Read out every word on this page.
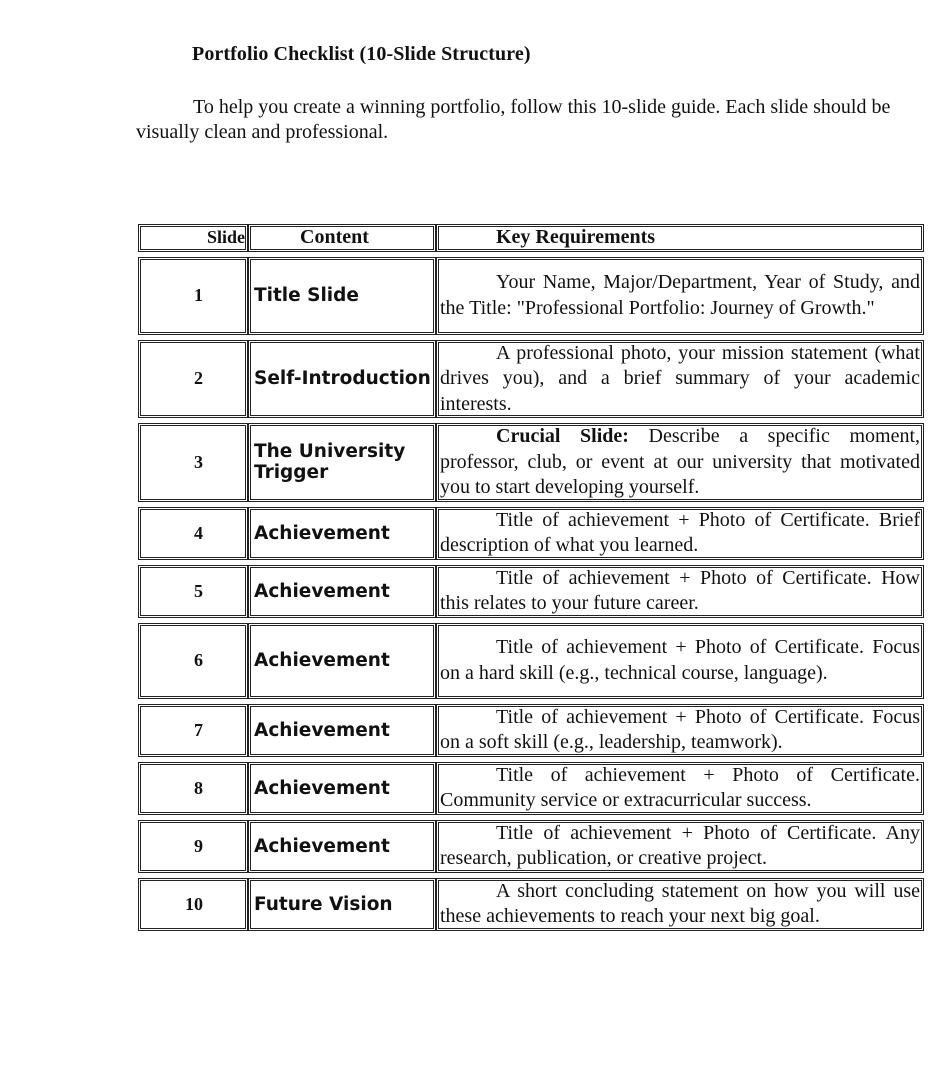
Portfolio Checklist (10-Slide Structure)
To help you create a winning portfolio, follow this 10-slide guide. Each slide should be visually clean and professional.
Slide	Content	Key Requirements

1	Title Slide	Your Name, Major/Department, Year of Study, and the Title: "Professional Portfolio: Journey of Growth."

2	Self-Introduction	A professional photo, your mission statement (what drives you), and a brief summary of your academic interests.

3	The University Trigger	Crucial Slide: Describe a specific moment, professor, club, or event at our university that motivated you to start developing yourself.

4	Achievement	Title of achievement + Photo of Certificate. Brief description of what you learned.

5	Achievement	Title of achievement + Photo of Certificate. How this relates to your future career.

6	Achievement	Title of achievement + Photo of Certificate. Focus on a hard skill (e.g., technical course, language).

7	Achievement	Title of achievement + Photo of Certificate. Focus on a soft skill (e.g., leadership, teamwork).

8	Achievement	Title of achievement + Photo of Certificate. Community service or extracurricular success.

9	Achievement	Title of achievement + Photo of Certificate. Any research, publication, or creative project.

10	Future Vision	A short concluding statement on how you will use these achievements to reach your next big goal.
